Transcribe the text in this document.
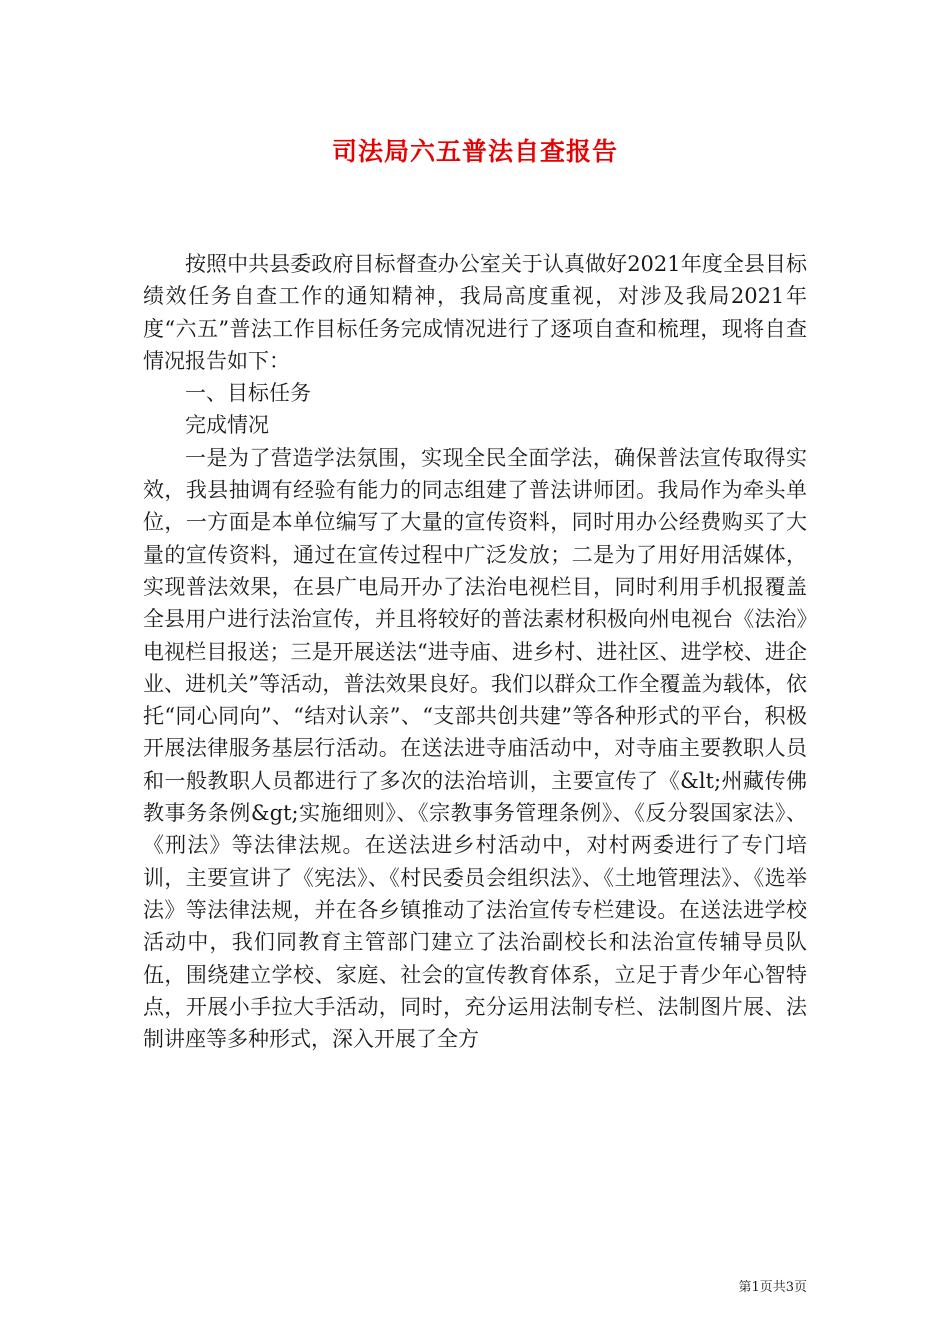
司法局六五普法自查报告

按照中共县委政府目标督查办公室关于认真做好2021年度全县目标绩效任务自查工作的通知精神，我局高度重视，对涉及我局2021年度“六五”普法工作目标任务完成情况进行了逐项自查和梳理，现将自查情况报告如下：

一、目标任务

完成情况

一是为了营造学法氛围，实现全民全面学法，确保普法宣传取得实效，我县抽调有经验有能力的同志组建了普法讲师团。我局作为牵头单位，一方面是本单位编写了大量的宣传资料，同时用办公经费购买了大量的宣传资料，通过在宣传过程中广泛发放；二是为了用好用活媒体，实现普法效果，在县广电局开办了法治电视栏目，同时利用手机报覆盖全县用户进行法治宣传，并且将较好的普法素材积极向州电视台《法治》电视栏目报送；三是开展送法“进寺庙、进乡村、进社区、进学校、进企业、进机关”等活动，普法效果良好。我们以群众工作全覆盖为载体，依托“同心同向”、“结对认亲”、“支部共创共建”等各种形式的平台，积极开展法律服务基层行活动。在送法进寺庙活动中，对寺庙主要教职人员和一般教职人员都进行了多次的法治培训，主要宣传了《&lt;州藏传佛教事务条例&gt;实施细则》、《宗教事务管理条例》、《反分裂国家法》、《刑法》等法律法规。在送法进乡村活动中，对村两委进行了专门培训，主要宣讲了《宪法》、《村民委员会组织法》、《土地管理法》、《选举法》等法律法规，并在各乡镇推动了法治宣传专栏建设。在送法进学校活动中，我们同教育主管部门建立了法治副校长和法治宣传辅导员队伍，围绕建立学校、家庭、社会的宣传教育体系，立足于青少年心智特点，开展小手拉大手活动，同时，充分运用法制专栏、法制图片展、法制讲座等多种形式，深入开展了全方

第1页共3页
